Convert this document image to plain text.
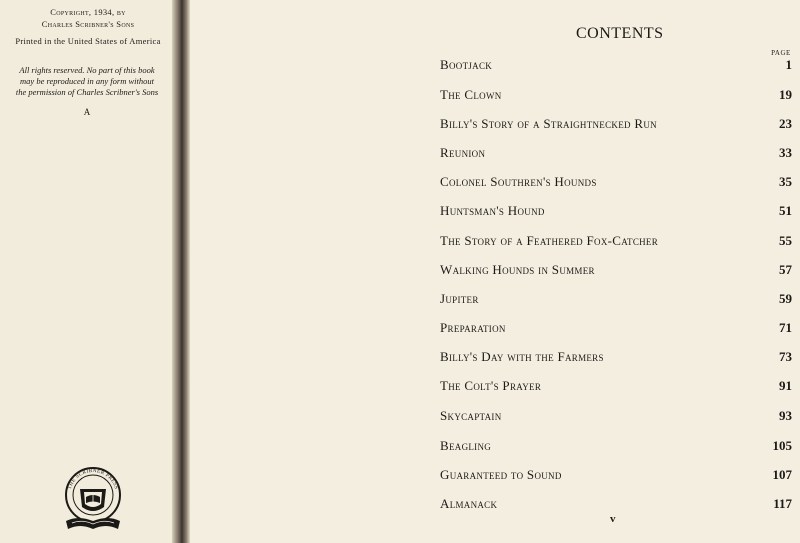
Copyright, 1934, by
Charles Scribner's Sons
Printed in the United States of America
All rights reserved. No part of this book
may be reproduced in any form without
the permission of Charles Scribner's Sons
A
THE SCRIBNER PRESS
CONTENTS
PAGE
Bootjack	1
The Clown	19
Billy's Story of a Straightnecked Run	23
Reunion	33
Colonel Southren's Hounds	35
Huntsman's Hound	51
The Story of a Feathered Fox-Catcher	55
Walking Hounds in Summer	57
Jupiter	59
Preparation	71
Billy's Day with the Farmers	73
The Colt's Prayer	91
Skycaptain	93
Beagling	105
Guaranteed to Sound	107
Almanack	117
v
